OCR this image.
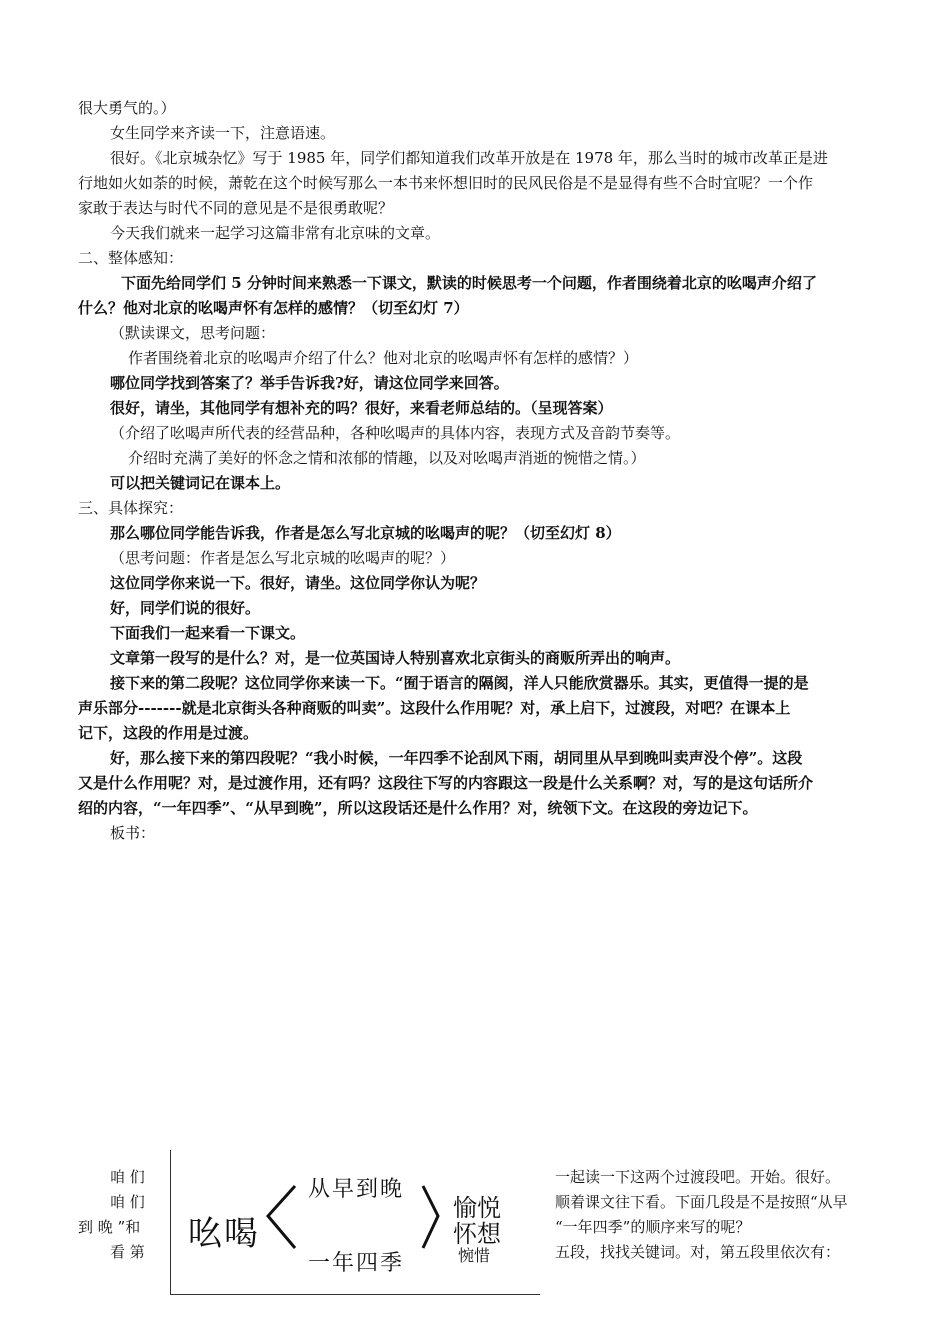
很大勇气的。）
女生同学来齐读一下，注意语速。
很好。《北京城杂忆》写于 1985 年，同学们都知道我们改革开放是在 1978 年，那么当时的城市改革正是进
行地如火如荼的时候，萧乾在这个时候写那么一本书来怀想旧时的民风民俗是不是显得有些不合时宜呢？一个作
家敢于表达与时代不同的意见是不是很勇敢呢？
今天我们就来一起学习这篇非常有北京味的文章。
二、整体感知：
下面先给同学们 5 分钟时间来熟悉一下课文，默读的时候思考一个问题，作者围绕着北京的吆喝声介绍了
什么？他对北京的吆喝声怀有怎样的感情？（切至幻灯 7）
（默读课文，思考问题：
作者围绕着北京的吆喝声介绍了什么？他对北京的吆喝声怀有怎样的感情？）
哪位同学找到答案了？举手告诉我?好，请这位同学来回答。
很好，请坐，其他同学有想补充的吗？很好，来看老师总结的。（呈现答案）
（介绍了吆喝声所代表的经营品种，各种吆喝声的具体内容，表现方式及音韵节奏等。
介绍时充满了美好的怀念之情和浓郁的情趣，以及对吆喝声消逝的惋惜之情。）
可以把关键词记在课本上。
三、具体探究：
那么哪位同学能告诉我，作者是怎么写北京城的吆喝声的呢？（切至幻灯 8）
（思考问题：作者是怎么写北京城的吆喝声的呢？）
这位同学你来说一下。很好，请坐。这位同学你认为呢？
好，同学们说的很好。
下面我们一起来看一下课文。
文章第一段写的是什么？对，是一位英国诗人特别喜欢北京街头的商贩所弄出的响声。
接下来的第二段呢？这位同学你来读一下。“囿于语言的隔阂，洋人只能欣赏器乐。其实，更值得一提的是
声乐部分-------就是北京街头各种商贩的叫卖”。这段什么作用呢？对，承上启下，过渡段，对吧？在课本上
记下，这段的作用是过渡。
好，那么接下来的第四段呢？“我小时候，一年四季不论刮风下雨，胡同里从早到晚叫卖声没个停”。这段
又是什么作用呢？对，是过渡作用，还有吗？这段往下写的内容跟这一段是什么关系啊？对，写的是这句话所介
绍的内容，“一年四季”、“从早到晚”，所以这段话还是什么作用？对，统领下文。在这段的旁边记下。
板书：
咱 们
咱 们
到 晚 ”和
看 第
一起读一下这两个过渡段吧。开始。很好。
顺着课文往下看。下面几段是不是按照“从早
“一年四季”的顺序来写的呢？
五段，找找关键词。对，第五段里依次有：
吆喝
从早到晚
一年四季
愉悦
怀想
惋惜
